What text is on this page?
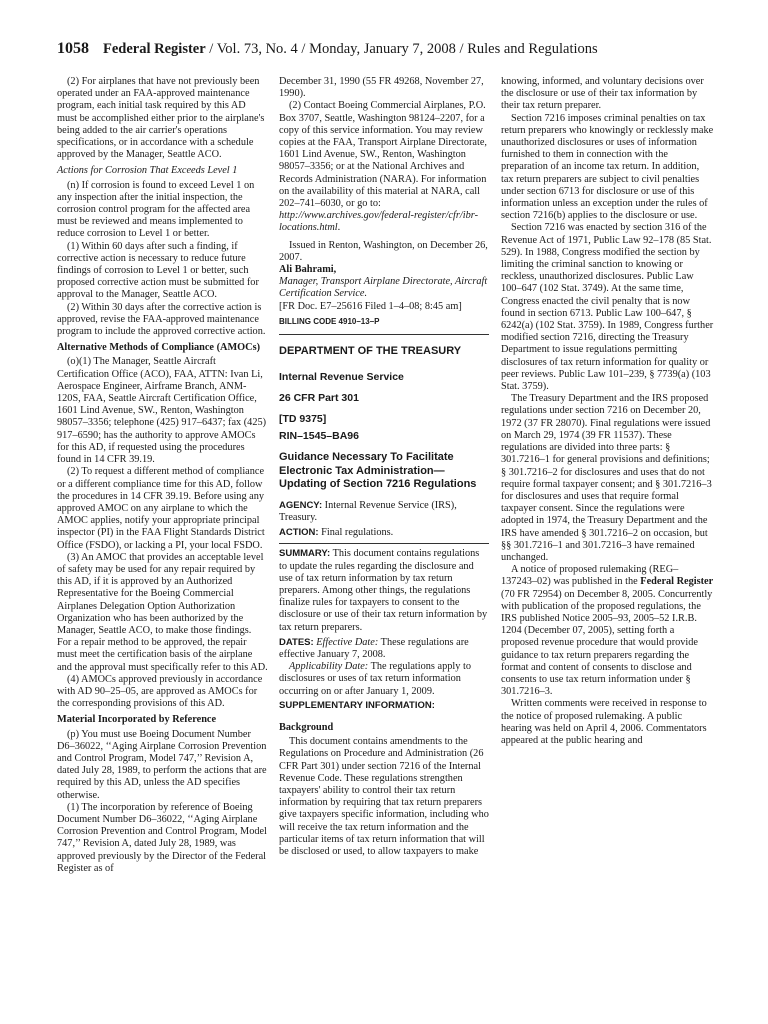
1058 Federal Register / Vol. 73, No. 4 / Monday, January 7, 2008 / Rules and Regulations

(2) For airplanes that have not previously been operated under an FAA-approved maintenance program, each initial task required by this AD must be accomplished either prior to the airplane's being added to the air carrier's operations specifications, or in accordance with a schedule approved by the Manager, Seattle ACO.

Actions for Corrosion That Exceeds Level 1

(n) If corrosion is found to exceed Level 1 on any inspection after the initial inspection, the corrosion control program for the affected area must be reviewed and means implemented to reduce corrosion to Level 1 or better.

(1) Within 60 days after such a finding, if corrective action is necessary to reduce future findings of corrosion to Level 1 or better, such proposed corrective action must be submitted for approval to the Manager, Seattle ACO.

(2) Within 30 days after the corrective action is approved, revise the FAA-approved maintenance program to include the approved corrective action.

Alternative Methods of Compliance (AMOCs)

(o)(1) The Manager, Seattle Aircraft Certification Office (ACO), FAA, ATTN: Ivan Li, Aerospace Engineer, Airframe Branch, ANM-120S, FAA, Seattle Aircraft Certification Office, 1601 Lind Avenue, SW., Renton, Washington 98057–3356; telephone (425) 917–6437; fax (425) 917–6590; has the authority to approve AMOCs for this AD, if requested using the procedures found in 14 CFR 39.19.

(2) To request a different method of compliance or a different compliance time for this AD, follow the procedures in 14 CFR 39.19. Before using any approved AMOC on any airplane to which the AMOC applies, notify your appropriate principal inspector (PI) in the FAA Flight Standards District Office (FSDO), or lacking a PI, your local FSDO.

(3) An AMOC that provides an acceptable level of safety may be used for any repair required by this AD, if it is approved by an Authorized Representative for the Boeing Commercial Airplanes Delegation Option Authorization Organization who has been authorized by the Manager, Seattle ACO, to make those findings. For a repair method to be approved, the repair must meet the certification basis of the airplane and the approval must specifically refer to this AD.

(4) AMOCs approved previously in accordance with AD 90–25–05, are approved as AMOCs for the corresponding provisions of this AD.

Material Incorporated by Reference

(p) You must use Boeing Document Number D6–36022, ‘‘Aging Airplane Corrosion Prevention and Control Program, Model 747,’’ Revision A, dated July 28, 1989, to perform the actions that are required by this AD, unless the AD specifies otherwise.

(1) The incorporation by reference of Boeing Document Number D6–36022, ‘‘Aging Airplane Corrosion Prevention and Control Program, Model 747,’’ Revision A, dated July 28, 1989, was approved previously by the Director of the Federal Register as of

December 31, 1990 (55 FR 49268, November 27, 1990).

(2) Contact Boeing Commercial Airplanes, P.O. Box 3707, Seattle, Washington 98124–2207, for a copy of this service information. You may review copies at the FAA, Transport Airplane Directorate, 1601 Lind Avenue, SW., Renton, Washington 98057–3356; or at the National Archives and Records Administration (NARA). For information on the availability of this material at NARA, call 202–741–6030, or go to: http://www.archives.gov/federal-register/cfr/ibr-locations.html.

Issued in Renton, Washington, on December 26, 2007.

Ali Bahrami,

Manager, Transport Airplane Directorate, Aircraft Certification Service.

[FR Doc. E7–25616 Filed 1–4–08; 8:45 am]

BILLING CODE 4910–13–P

DEPARTMENT OF THE TREASURY

Internal Revenue Service

26 CFR Part 301

[TD 9375]

RIN–1545–BA96

Guidance Necessary To Facilitate Electronic Tax Administration—Updating of Section 7216 Regulations

AGENCY: Internal Revenue Service (IRS), Treasury.

ACTION: Final regulations.

SUMMARY: This document contains regulations to update the rules regarding the disclosure and use of tax return information by tax return preparers. Among other things, the regulations finalize rules for taxpayers to consent to the disclosure or use of their tax return information by tax return preparers.

DATES: Effective Date: These regulations are effective January 7, 2008.

Applicability Date: The regulations apply to disclosures or uses of tax return information occurring on or after January 1, 2009.

SUPPLEMENTARY INFORMATION:

Background

This document contains amendments to the Regulations on Procedure and Administration (26 CFR Part 301) under section 7216 of the Internal Revenue Code. These regulations strengthen taxpayers' ability to control their tax return information by requiring that tax return preparers give taxpayers specific information, including who will receive the tax return information and the particular items of tax return information that will be disclosed or used, to allow taxpayers to make

knowing, informed, and voluntary decisions over the disclosure or use of their tax information by their tax return preparer.

Section 7216 imposes criminal penalties on tax return preparers who knowingly or recklessly make unauthorized disclosures or uses of information furnished to them in connection with the preparation of an income tax return. In addition, tax return preparers are subject to civil penalties under section 6713 for disclosure or use of this information unless an exception under the rules of section 7216(b) applies to the disclosure or use.

Section 7216 was enacted by section 316 of the Revenue Act of 1971, Public Law 92–178 (85 Stat. 529). In 1988, Congress modified the section by limiting the criminal sanction to knowing or reckless, unauthorized disclosures. Public Law 100–647 (102 Stat. 3749). At the same time, Congress enacted the civil penalty that is now found in section 6713. Public Law 100–647, § 6242(a) (102 Stat. 3759). In 1989, Congress further modified section 7216, directing the Treasury Department to issue regulations permitting disclosures of tax return information for quality or peer reviews. Public Law 101–239, § 7739(a) (103 Stat. 3759).

The Treasury Department and the IRS proposed regulations under section 7216 on December 20, 1972 (37 FR 28070). Final regulations were issued on March 29, 1974 (39 FR 11537). These regulations are divided into three parts: § 301.7216–1 for general provisions and definitions; § 301.7216–2 for disclosures and uses that do not require formal taxpayer consent; and § 301.7216–3 for disclosures and uses that require formal taxpayer consent. Since the regulations were adopted in 1974, the Treasury Department and the IRS have amended § 301.7216–2 on occasion, but §§ 301.7216–1 and 301.7216–3 have remained unchanged.

A notice of proposed rulemaking (REG–137243–02) was published in the Federal Register (70 FR 72954) on December 8, 2005. Concurrently with publication of the proposed regulations, the IRS published Notice 2005–93, 2005–52 I.R.B. 1204 (December 07, 2005), setting forth a proposed revenue procedure that would provide guidance to tax return preparers regarding the format and content of consents to disclose and consents to use tax return information under § 301.7216–3.

Written comments were received in response to the notice of proposed rulemaking. A public hearing was held on April 4, 2006. Commentators appeared at the public hearing and
